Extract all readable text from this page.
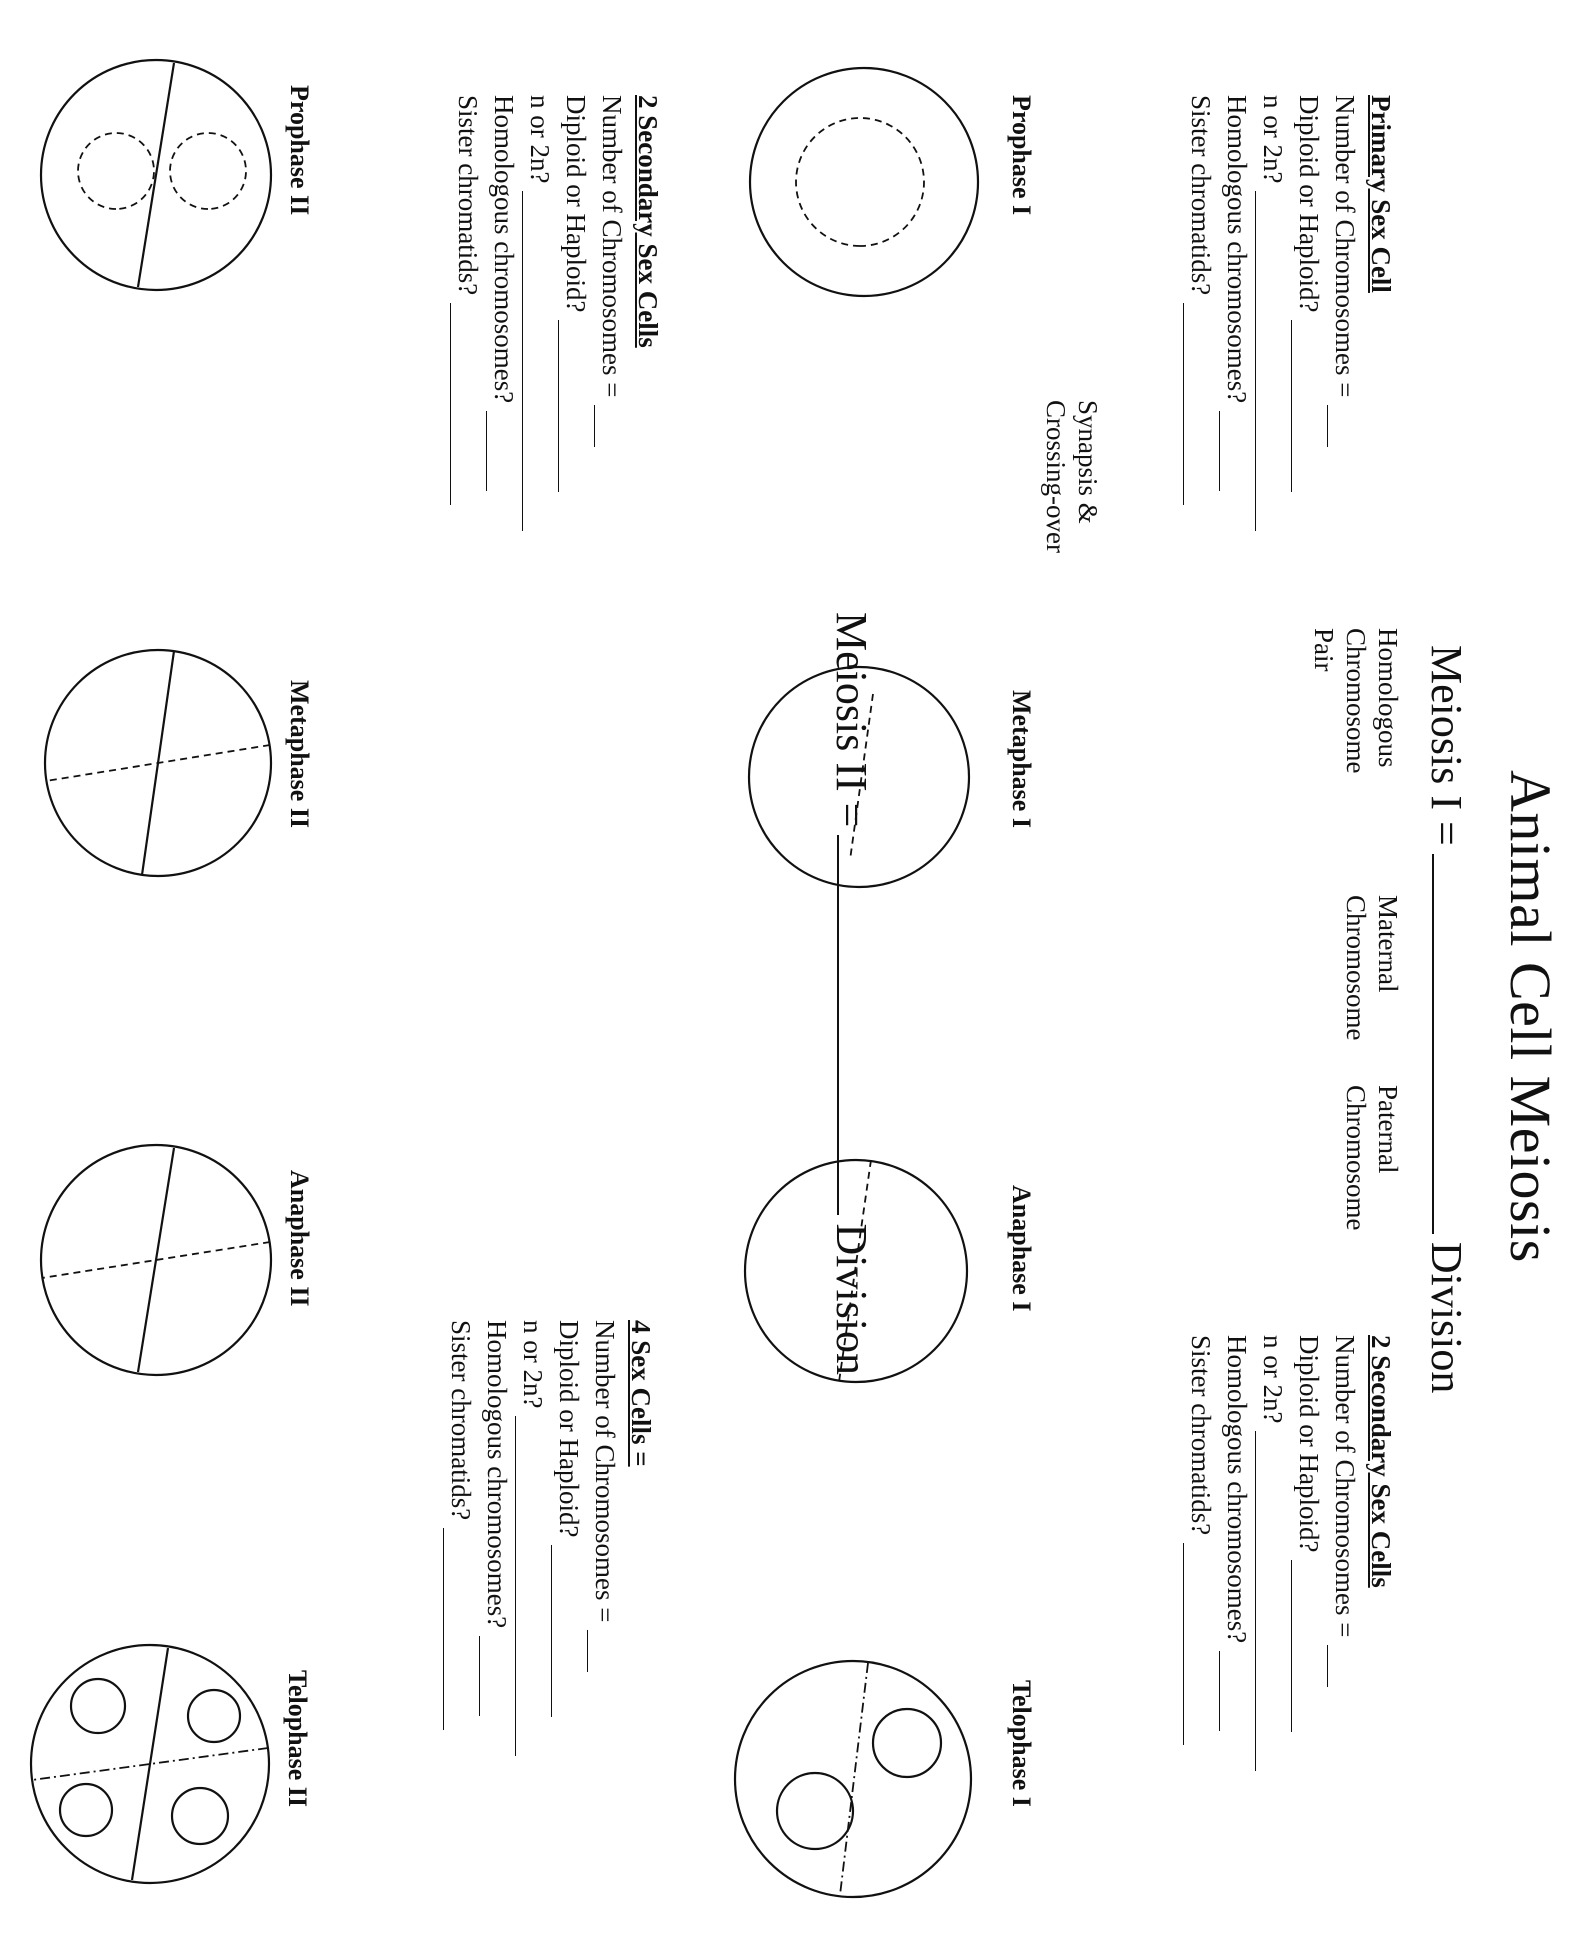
Animal Cell Meiosis
Meiosis I =Division
Homologous
Chromosome
Pair
Maternal
Chromosome
Paternal
Chromosome
Primary Sex Cell
Number of Chromosomes =
Diploid or Haploid?
n or 2n?
Homologous chromosomes?
Sister chromatids?
Synapsis &
Crossing-over
Prophase I
Metaphase I
Anaphase I
Telophase I
2 Secondary Sex Cells
Number of Chromosomes =
Diploid or Haploid?
n or 2n?
Homologous chromosomes?
Sister chromatids?
Meiosis II =Division
2 Secondary Sex Cells
Number of Chromosomes =
Diploid or Haploid?
n or 2n?
Homologous chromosomes?
Sister chromatids?
4 Sex Cells =
Number of Chromosomes =
Diploid or Haploid?
n or 2n?
Homologous chromosomes?
Sister chromatids?
Prophase II
Metaphase II
Anaphase II
Telophase II
